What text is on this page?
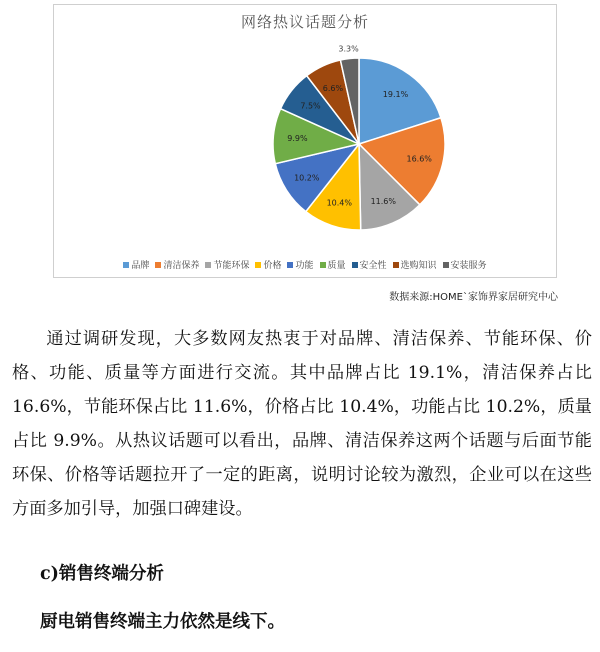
网络热议话题分析
19.1%
16.6%
11.6%
10.4%
10.2%
9.9%
7.5%
6.6%
3.3%
品牌 清洁保养 节能环保 价格 功能 质量 安全性 选购知识 安装服务
数据来源:HOME`家饰界家居研究中心

通过调研发现，大多数网友热衷于对品牌、清洁保养、节能环保、价格、功能、质量等方面进行交流。其中品牌占比 19.1%，清洁保养占比 16.6%，节能环保占比 11.6%，价格占比 10.4%，功能占比 10.2%，质量占比 9.9%。从热议话题可以看出，品牌、清洁保养这两个话题与后面节能环保、价格等话题拉开了一定的距离，说明讨论较为激烈，企业可以在这些方面多加引导，加强口碑建设。

c)销售终端分析

厨电销售终端主力依然是线下。
